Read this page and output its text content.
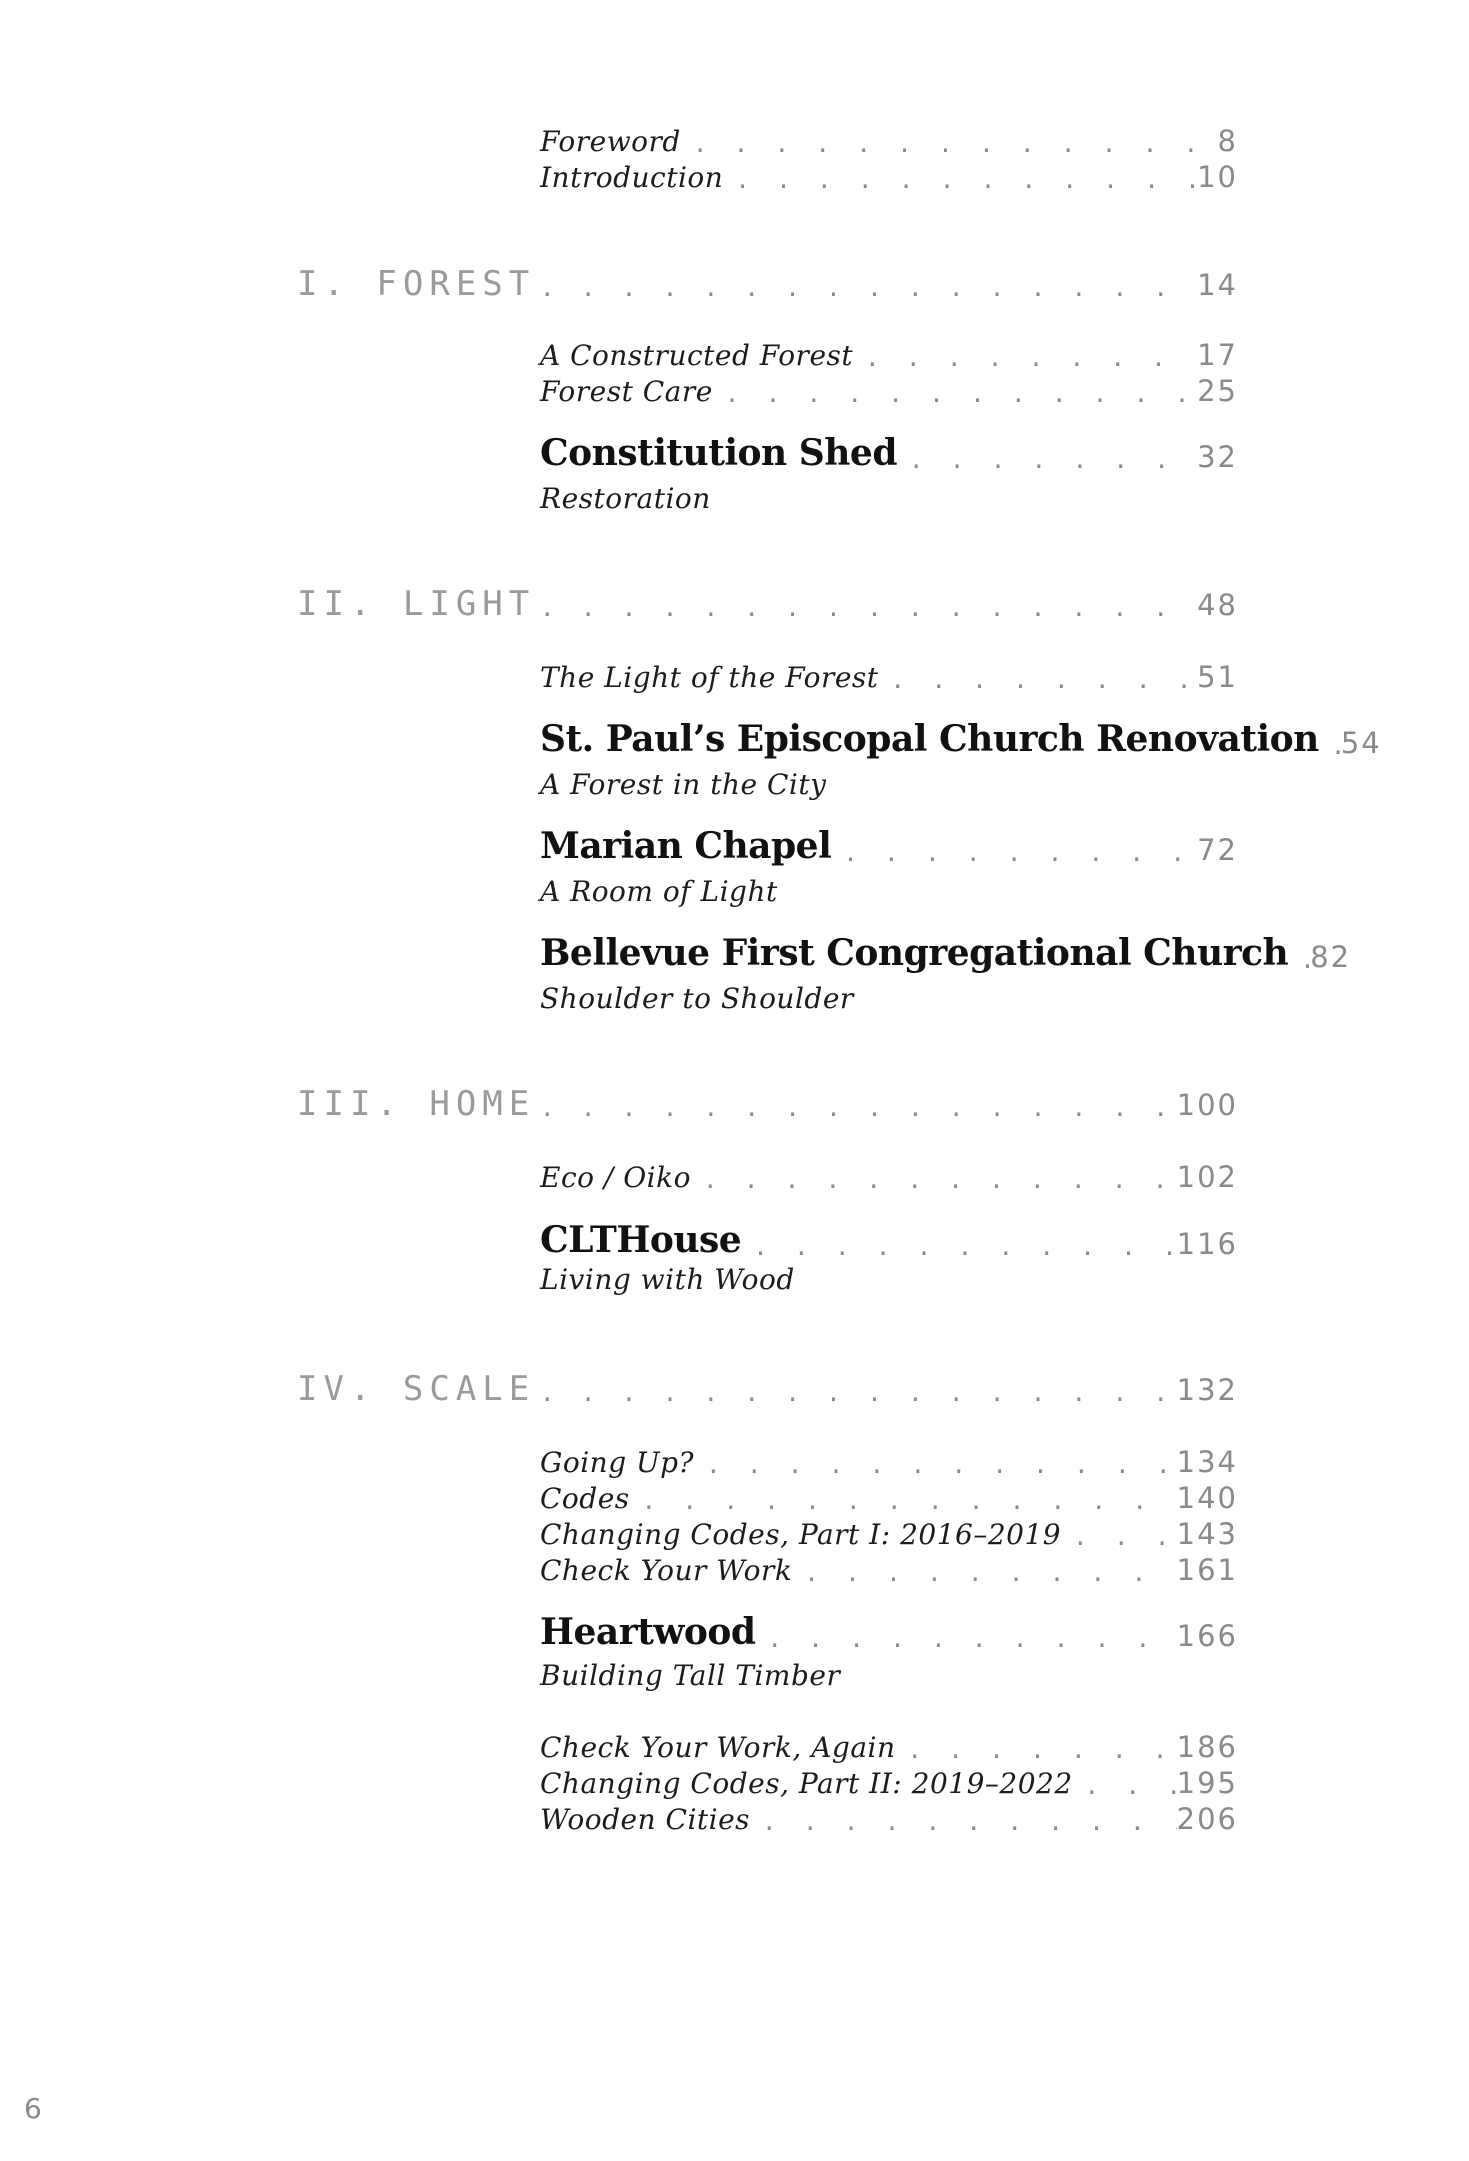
Foreword . . .	8
Introduction . . .	10
I. FOREST . . .	14
A Constructed Forest . . .	17
Forest Care . . .	25
Constitution Shed . . .	32
Restoration
II. LIGHT . . .	48
The Light of the Forest . . .	51
St. Paul’s Episcopal Church Renovation . . . 54
A Forest in the City
Marian Chapel . . .	72
A Room of Light
Bellevue First Congregational Church . . . 82
Shoulder to Shoulder
III. HOME . . .	100
Eco / Oiko . . .	102
CLTHouse . . .	116
Living with Wood
IV. SCALE . . .	132
Going Up? . . .	134
Codes . . .	140
Changing Codes, Part I: 2016–2019 . . .	143
Check Your Work . . .	161
Heartwood . . .	166
Building Tall Timber
Check Your Work, Again . . .	186
Changing Codes, Part II: 2019–2022 . . .	195
Wooden Cities . . .	206
6
